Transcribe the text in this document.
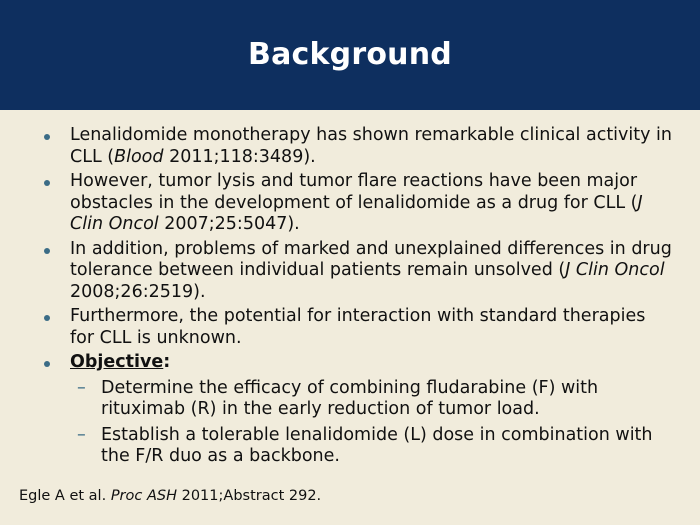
Background
Lenalidomide monotherapy has shown remarkable clinical activity in CLL (Blood 2011;118:3489).
However, tumor lysis and tumor flare reactions have been major obstacles in the development of lenalidomide as a drug for CLL (J Clin Oncol 2007;25:5047).
In addition, problems of marked and unexplained differences in drug tolerance between individual patients remain unsolved (J Clin Oncol 2008;26:2519).
Furthermore, the potential for interaction with standard therapies for CLL is unknown.
Objective:
– Determine the efficacy of combining fludarabine (F) with rituximab (R) in the early reduction of tumor load.
– Establish a tolerable lenalidomide (L) dose in combination with the F/R duo as a backbone.
Egle A et al. Proc ASH 2011;Abstract 292.
